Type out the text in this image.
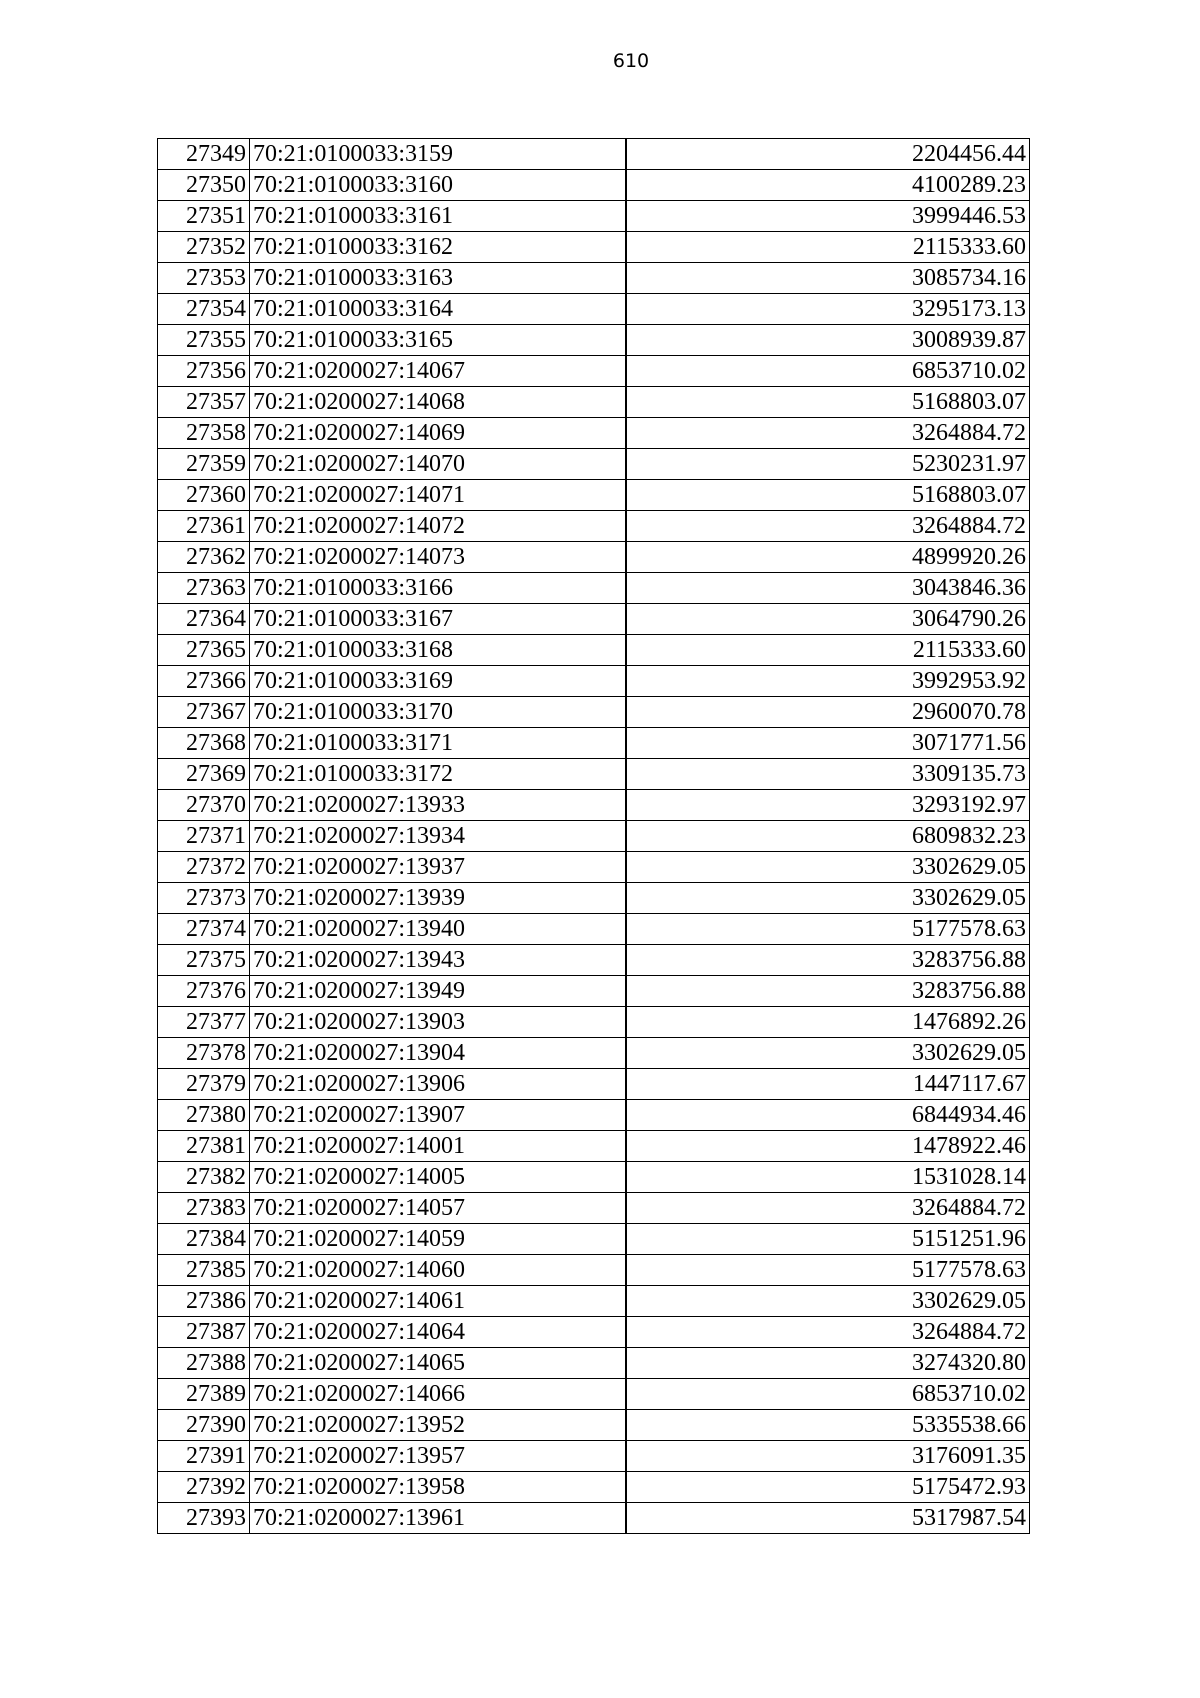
610
27349	70:21:0100033:3159		2204456.44
27350	70:21:0100033:3160		4100289.23
27351	70:21:0100033:3161		3999446.53
27352	70:21:0100033:3162		2115333.60
27353	70:21:0100033:3163		3085734.16
27354	70:21:0100033:3164		3295173.13
27355	70:21:0100033:3165		3008939.87
27356	70:21:0200027:14067		6853710.02
27357	70:21:0200027:14068		5168803.07
27358	70:21:0200027:14069		3264884.72
27359	70:21:0200027:14070		5230231.97
27360	70:21:0200027:14071		5168803.07
27361	70:21:0200027:14072		3264884.72
27362	70:21:0200027:14073		4899920.26
27363	70:21:0100033:3166		3043846.36
27364	70:21:0100033:3167		3064790.26
27365	70:21:0100033:3168		2115333.60
27366	70:21:0100033:3169		3992953.92
27367	70:21:0100033:3170		2960070.78
27368	70:21:0100033:3171		3071771.56
27369	70:21:0100033:3172		3309135.73
27370	70:21:0200027:13933		3293192.97
27371	70:21:0200027:13934		6809832.23
27372	70:21:0200027:13937		3302629.05
27373	70:21:0200027:13939		3302629.05
27374	70:21:0200027:13940		5177578.63
27375	70:21:0200027:13943		3283756.88
27376	70:21:0200027:13949		3283756.88
27377	70:21:0200027:13903		1476892.26
27378	70:21:0200027:13904		3302629.05
27379	70:21:0200027:13906		1447117.67
27380	70:21:0200027:13907		6844934.46
27381	70:21:0200027:14001		1478922.46
27382	70:21:0200027:14005		1531028.14
27383	70:21:0200027:14057		3264884.72
27384	70:21:0200027:14059		5151251.96
27385	70:21:0200027:14060		5177578.63
27386	70:21:0200027:14061		3302629.05
27387	70:21:0200027:14064		3264884.72
27388	70:21:0200027:14065		3274320.80
27389	70:21:0200027:14066		6853710.02
27390	70:21:0200027:13952		5335538.66
27391	70:21:0200027:13957		3176091.35
27392	70:21:0200027:13958		5175472.93
27393	70:21:0200027:13961		5317987.54
